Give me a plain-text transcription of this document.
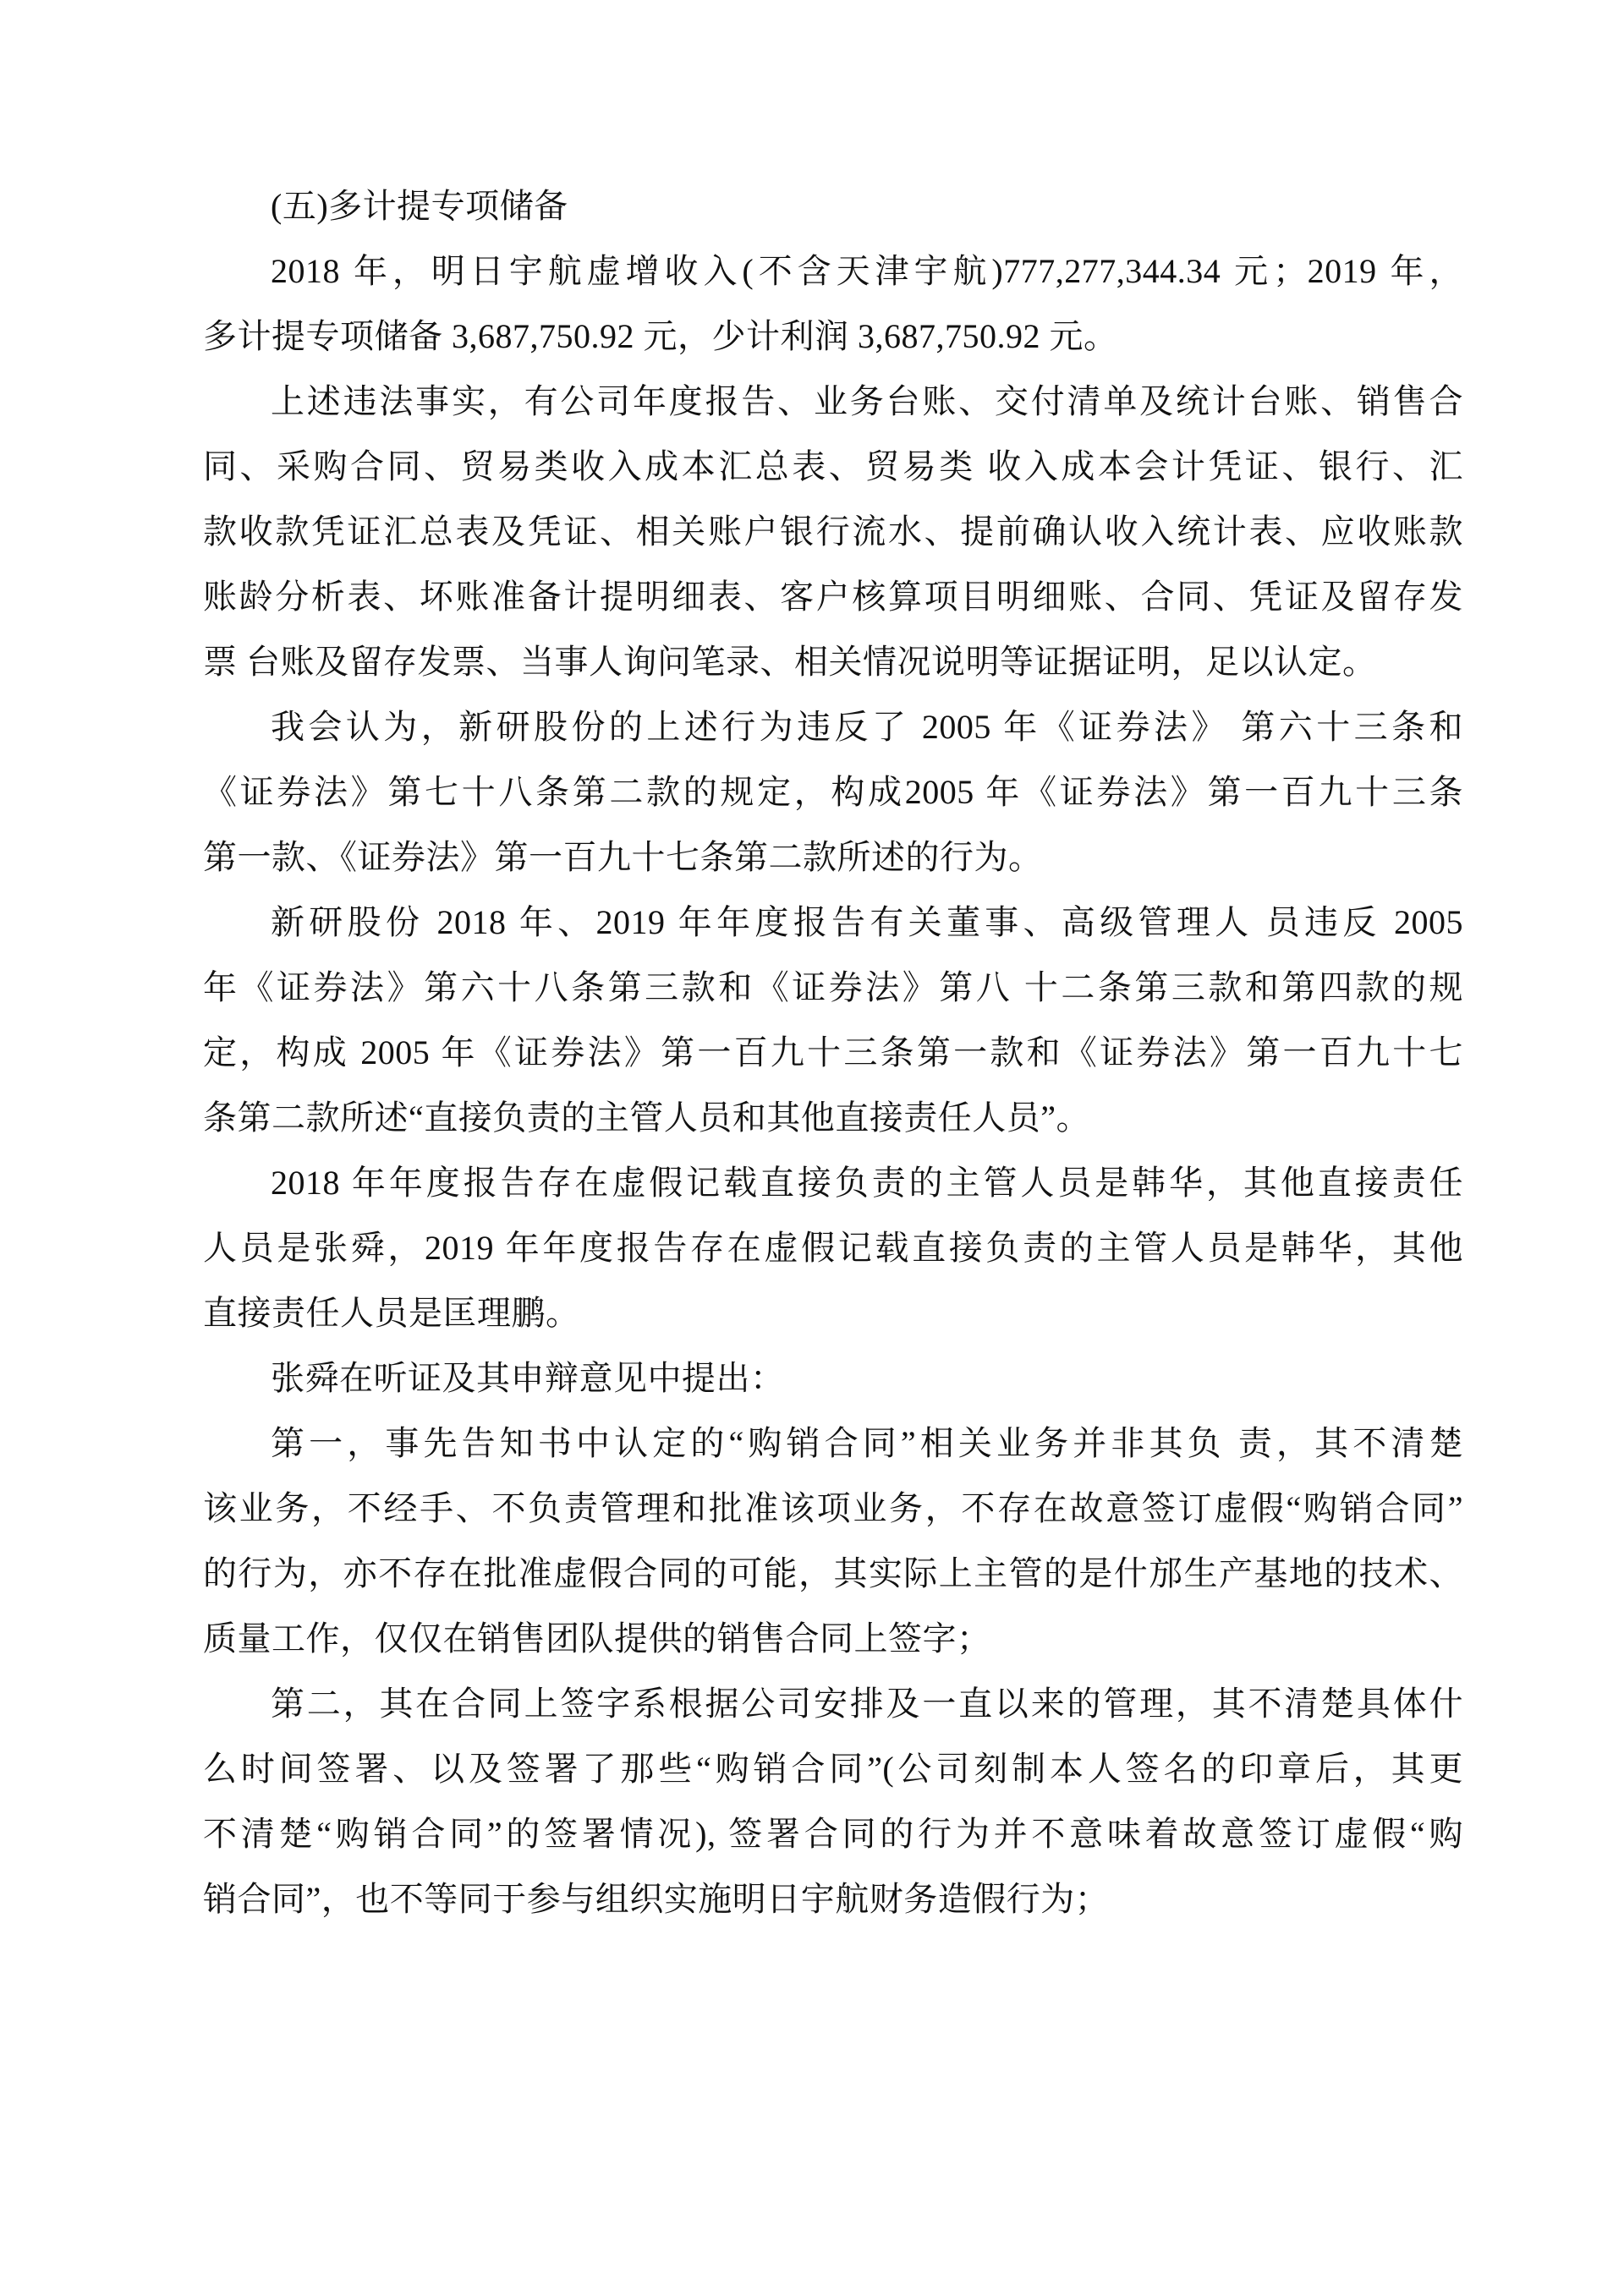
(五)多计提专项储备
2018 年，明日宇航虚增收入(不含天津宇航)777,277,344.34 元；2019 年，
多计提专项储备 3,687,750.92 元，少计利润 3,687,750.92 元。
上述违法事实，有公司年度报告、业务台账、交付清单及统计台账、销售合
同、采购合同、贸易类收入成本汇总表、贸易类 收入成本会计凭证、银行、汇
款收款凭证汇总表及凭证、相关账户银行流水、提前确认收入统计表、应收账款
账龄分析表、坏账准备计提明细表、客户核算项目明细账、合同、凭证及留存发
票 台账及留存发票、当事人询问笔录、相关情况说明等证据证明，足以认定。
我会认为，新研股份的上述行为违反了 2005 年《证券法》 第六十三条和
《证券法》第七十八条第二款的规定，构成2005 年《证券法》第一百九十三条
第一款、《证券法》第一百九十七条第二款所述的行为。
新研股份 2018 年、2019 年年度报告有关董事、高级管理人 员违反 2005
年《证券法》第六十八条第三款和《证券法》第八 十二条第三款和第四款的规
定，构成 2005 年《证券法》第一百九十三条第一款和《证券法》第一百九十七
条第二款所述“直接负责的主管人员和其他直接责任人员”。
2018 年年度报告存在虚假记载直接负责的主管人员是韩华，其他直接责任
人员是张舜，2019 年年度报告存在虚假记载直接负责的主管人员是韩华，其他
直接责任人员是匡理鹏。
张舜在听证及其申辩意见中提出：
第一，事先告知书中认定的“购销合同”相关业务并非其负 责，其不清楚
该业务，不经手、不负责管理和批准该项业务，不存在故意签订虚假“购销合同”
的行为，亦不存在批准虚假合同的可能，其实际上主管的是什邡生产基地的技术、
质量工作，仅仅在销售团队提供的销售合同上签字；
第二，其在合同上签字系根据公司安排及一直以来的管理，其不清楚具体什
么时间签署、以及签署了那些“购销合同”(公司刻制本人签名的印章后，其更
不清楚“购销合同”的签署情况), 签署合同的行为并不意味着故意签订虚假“购
销合同”，也不等同于参与组织实施明日宇航财务造假行为；
